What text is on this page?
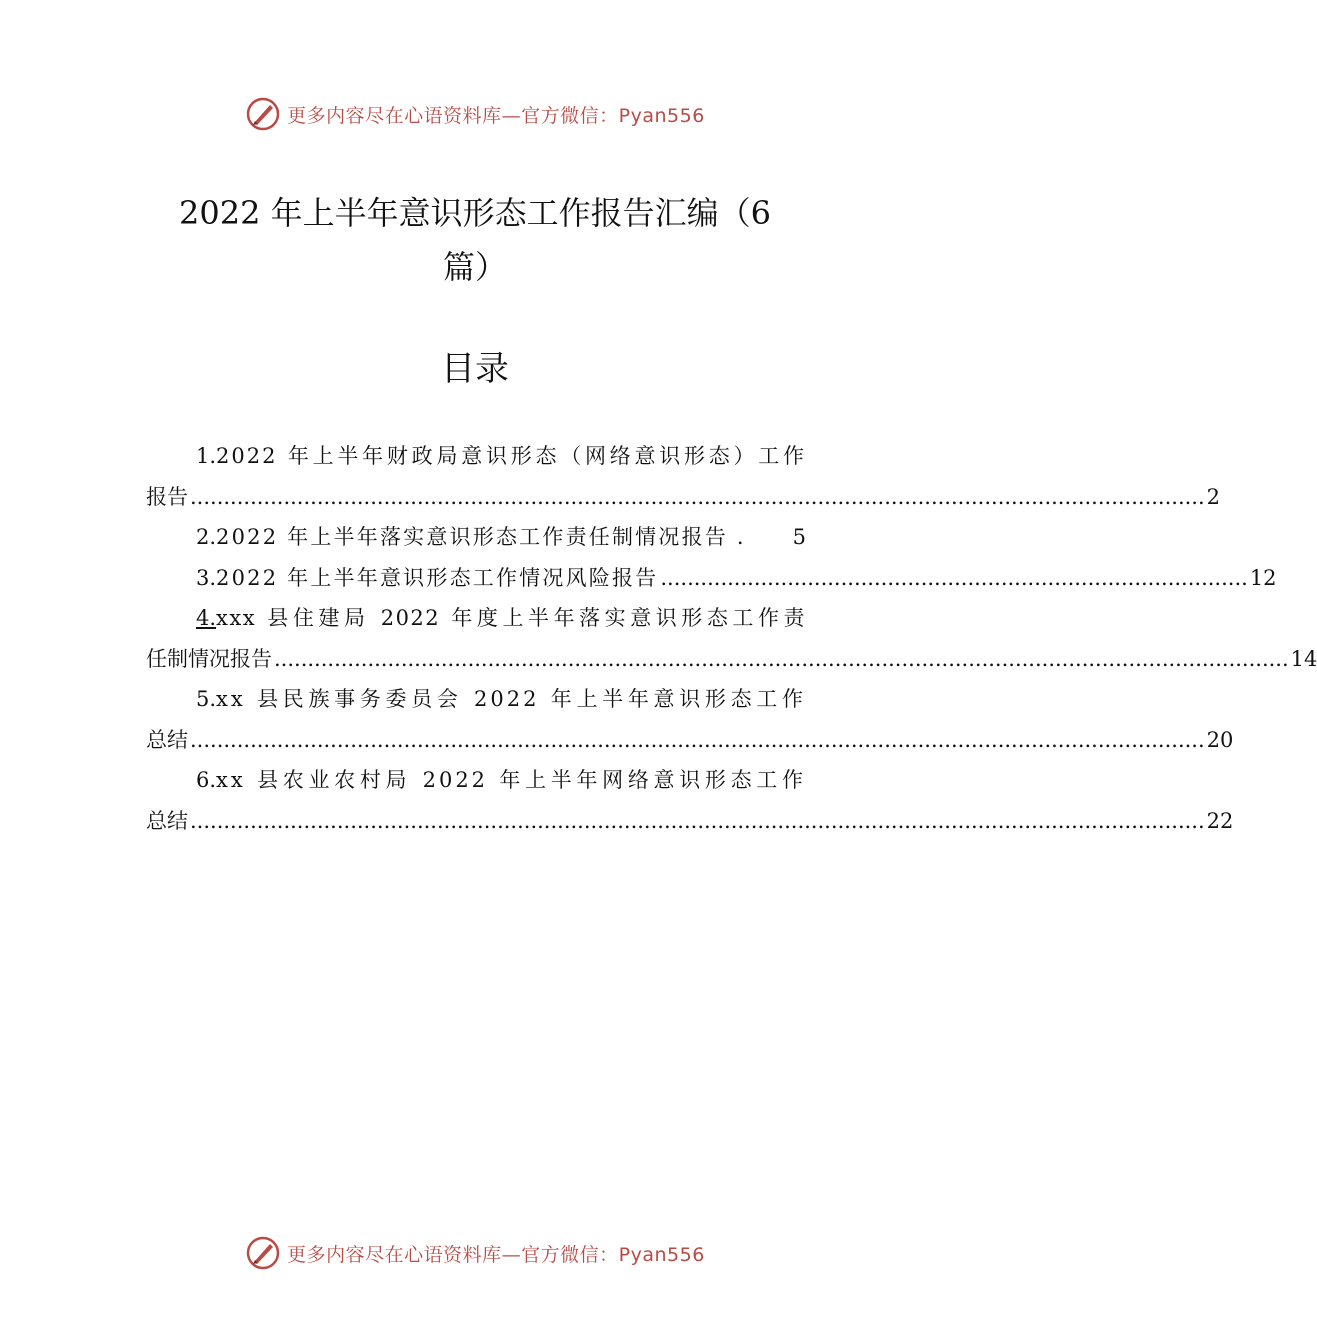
更多内容尽在心语资料库—官方微信：Pyan556
2022 年上半年意识形态工作报告汇编（6
篇）
目录
1. 2022 年上半年财政局意识形态（网络意识形态）工作
报告 ........................................................................................................................................................ 2
2. 2022 年上半年落实意识形态工作责任制情况报告 . 5
3. 2022 年上半年意识形态工作情况风险报告 ........................................................................................ 12
4. xxx 县住建局 2022 年度上半年落实意识形态工作责
任制情况报告 ........................................................................................................................................................ 14
5. xx 县民族事务委员会 2022 年上半年意识形态工作
总结 ........................................................................................................................................................ 20
6. xx 县农业农村局 2022 年上半年网络意识形态工作
总结 ........................................................................................................................................................ 22
更多内容尽在心语资料库—官方微信：Pyan556
